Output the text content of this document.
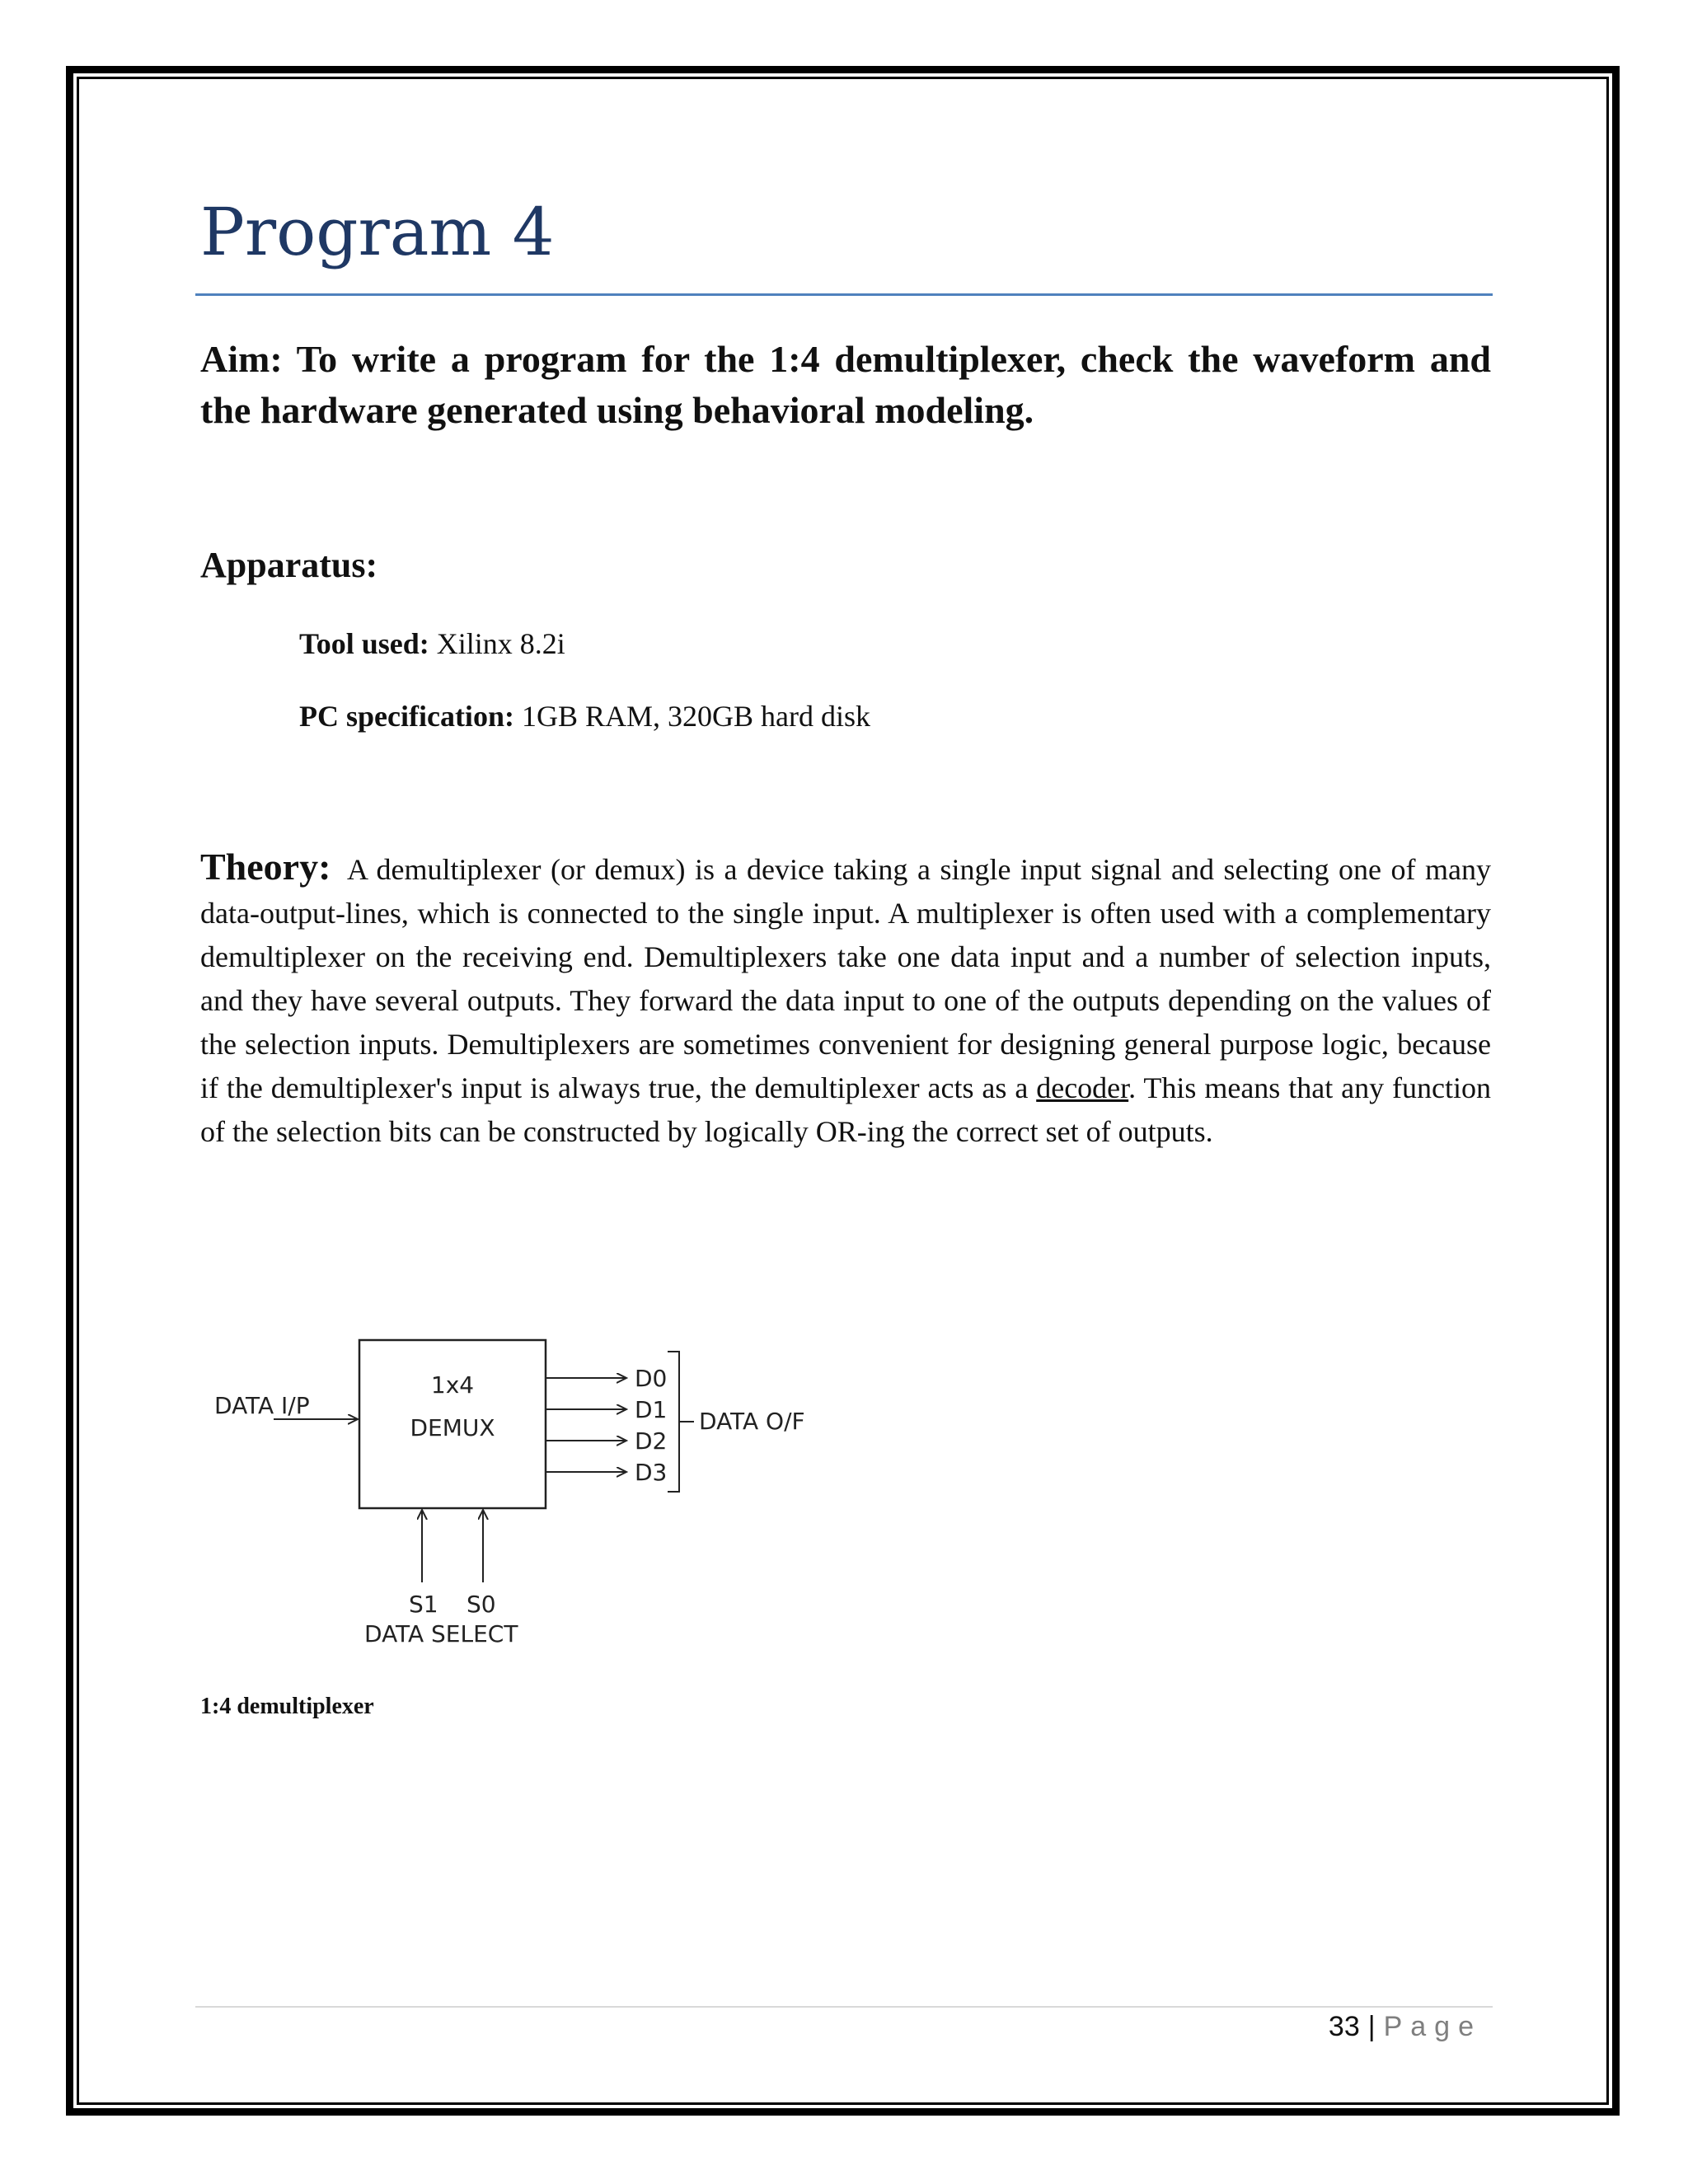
Program 4

Aim: To write a program for the 1:4 demultiplexer, check the waveform and
the hardware generated using behavioral modeling.

Apparatus:

Tool used: Xilinx 8.2i

PC specification: 1GB RAM, 320GB hard disk

Theory: A demultiplexer (or demux) is a device taking a single input signal and selecting one of many data-output-lines, which is connected to the single input. A multiplexer is often used with a complementary demultiplexer on the receiving end. Demultiplexers take one data input and a number of selection inputs, and they have several outputs. They forward the data input to one of the outputs depending on the values of the selection inputs. Demultiplexers are sometimes convenient for designing general purpose logic, because if the demultiplexer's input is always true, the demultiplexer acts as a decoder. This means that any function of the selection bits can be constructed by logically OR-ing the correct set of outputs.

1x4
DEMUX
DATA I/P
D0
D1
D2
D3
DATA O/F
S1 S0
DATA SELECT

1:4 demultiplexer

33 | Page
